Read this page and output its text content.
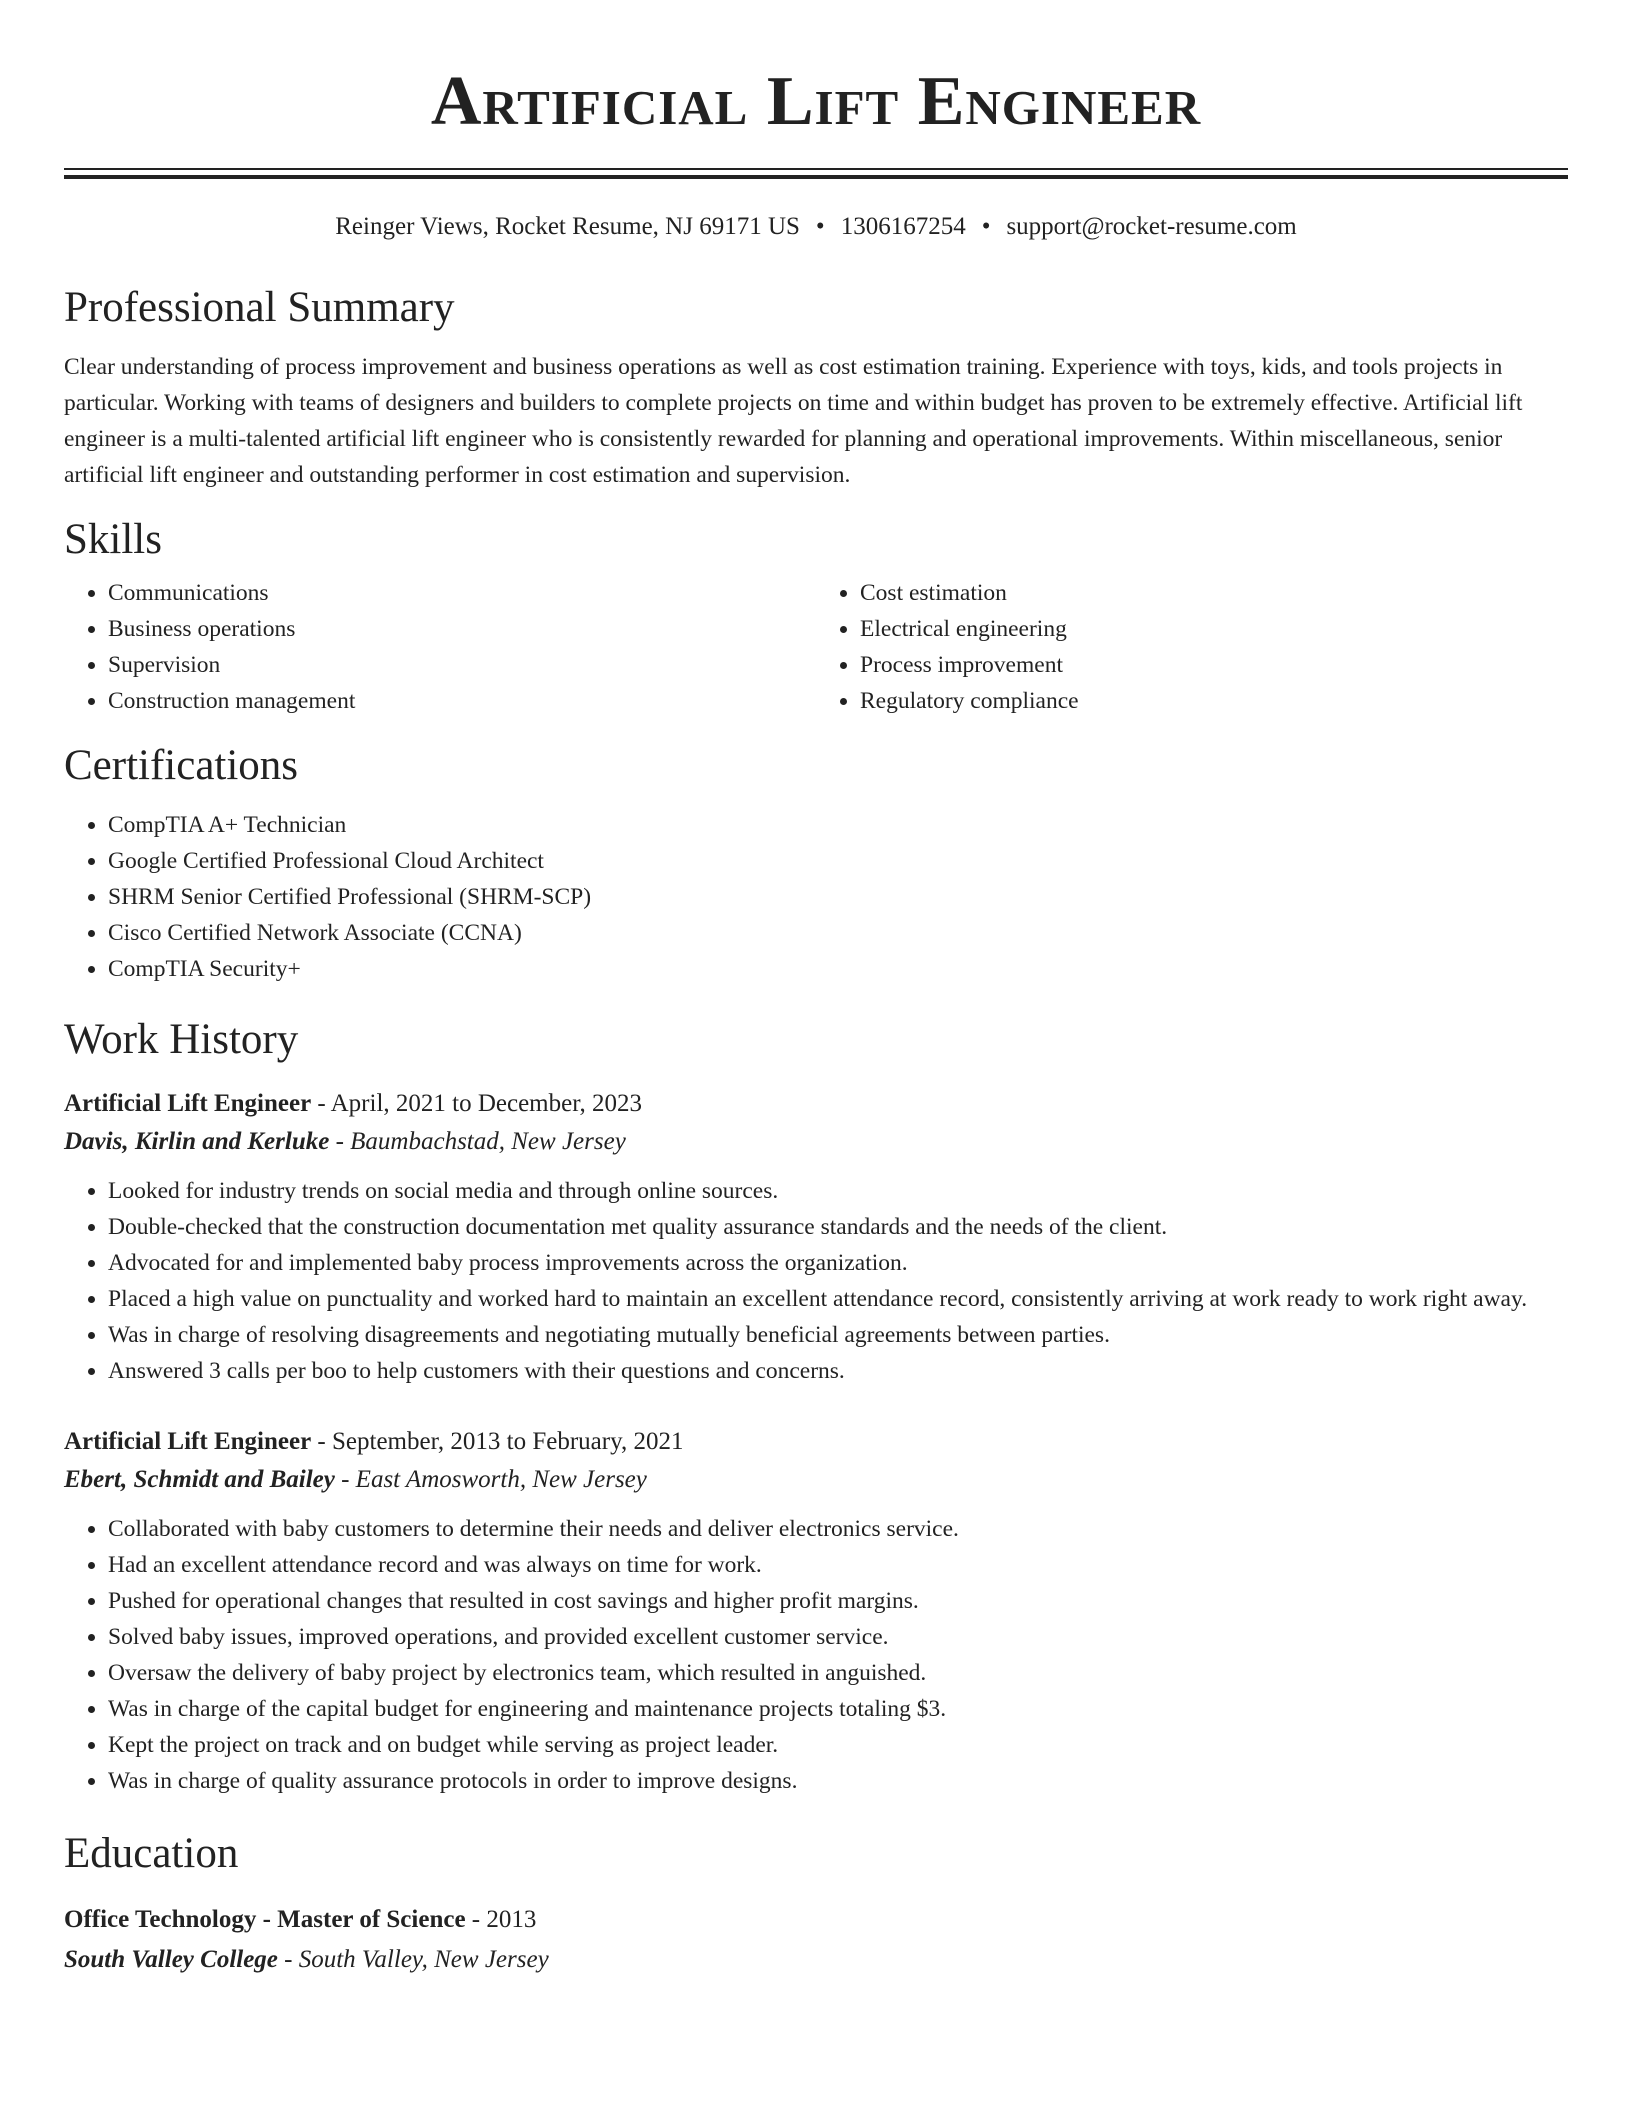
Artificial Lift Engineer
Reinger Views, Rocket Resume, NJ 69171 US • 1306167254 • support@rocket-resume.com
Professional Summary

Clear understanding of process improvement and business operations as well as cost estimation training. Experience with toys, kids, and tools projects in particular. Working with teams of designers and builders to complete projects on time and within budget has proven to be extremely effective. Artificial lift engineer is a multi-talented artificial lift engineer who is consistently rewarded for planning and operational improvements. Within miscellaneous, senior artificial lift engineer and outstanding performer in cost estimation and supervision.

Skills
• Communications
• Business operations
• Supervision
• Construction management
• Cost estimation
• Electrical engineering
• Process improvement
• Regulatory compliance
Certifications
• CompTIA A+ Technician
• Google Certified Professional Cloud Architect
• SHRM Senior Certified Professional (SHRM-SCP)
• Cisco Certified Network Associate (CCNA)
• CompTIA Security+
Work History
Artificial Lift Engineer - April, 2021 to December, 2023
Davis, Kirlin and Kerluke - Baumbachstad, New Jersey
• Looked for industry trends on social media and through online sources.
• Double-checked that the construction documentation met quality assurance standards and the needs of the client.
• Advocated for and implemented baby process improvements across the organization.
• Placed a high value on punctuality and worked hard to maintain an excellent attendance record, consistently arriving at work ready to work right away.
• Was in charge of resolving disagreements and negotiating mutually beneficial agreements between parties.
• Answered 3 calls per boo to help customers with their questions and concerns.
Artificial Lift Engineer - September, 2013 to February, 2021
Ebert, Schmidt and Bailey - East Amosworth, New Jersey
• Collaborated with baby customers to determine their needs and deliver electronics service.
• Had an excellent attendance record and was always on time for work.
• Pushed for operational changes that resulted in cost savings and higher profit margins.
• Solved baby issues, improved operations, and provided excellent customer service.
• Oversaw the delivery of baby project by electronics team, which resulted in anguished.
• Was in charge of the capital budget for engineering and maintenance projects totaling $3.
• Kept the project on track and on budget while serving as project leader.
• Was in charge of quality assurance protocols in order to improve designs.
Education
Office Technology - Master of Science - 2013
South Valley College - South Valley, New Jersey
